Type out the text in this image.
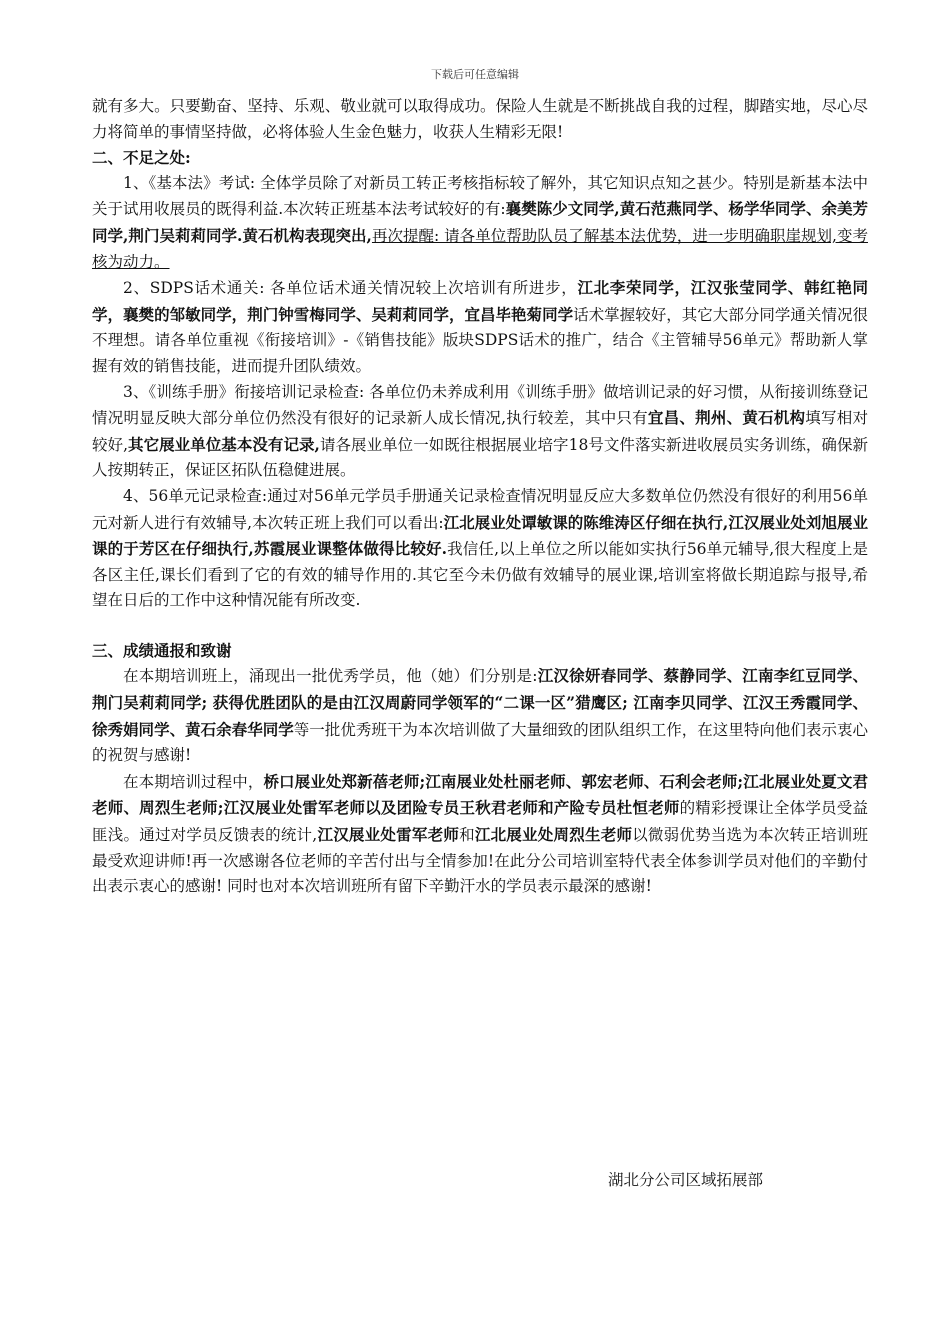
下载后可任意编辑

就有多大。只要勤奋、坚持、乐观、敬业就可以取得成功。保险人生就是不断挑战自我的过程，脚踏实地，尽心尽力将简单的事情坚持做，必将体验人生金色魅力，收获人生精彩无限!

二、不足之处:

1、《基本法》考试: 全体学员除了对新员工转正考核指标较了解外，其它知识点知之甚少。特别是新基本法中关于试用收展员的既得利益.本次转正班基本法考试较好的有:襄樊陈少文同学,黄石范燕同学、杨学华同学、余美芳同学,荆门吴莉莉同学.黄石机构表现突出,再次提醒: 请各单位帮助队员了解基本法优势，进一步明确职崖规划,变考核为动力。

2、SDPS话术通关: 各单位话术通关情况较上次培训有所进步，江北李荣同学，江汉张莹同学、韩红艳同学，襄樊的邹敏同学，荆门钟雪梅同学、吴莉莉同学，宜昌毕艳菊同学话术掌握较好，其它大部分同学通关情况很不理想。请各单位重视《衔接培训》-《销售技能》版块SDPS话术的推广，结合《主管辅导56单元》帮助新人掌握有效的销售技能，进而提升团队绩效。

3、《训练手册》衔接培训记录检查: 各单位仍未养成利用《训练手册》做培训记录的好习惯，从衔接训练登记情况明显反映大部分单位仍然没有很好的记录新人成长情况,执行较差，其中只有宜昌、荆州、黄石机构填写相对较好,其它展业单位基本没有记录,请各展业单位一如既往根据展业培字18号文件落实新进收展员实务训练，确保新人按期转正，保证区拓队伍稳健进展。

4、56单元记录检查:通过对56单元学员手册通关记录检查情况明显反应大多数单位仍然没有很好的利用56单元对新人进行有效辅导,本次转正班上我们可以看出:江北展业处谭敏课的陈维涛区仔细在执行,江汉展业处刘旭展业课的于芳区在仔细执行,苏霞展业课整体做得比较好.我信任,以上单位之所以能如实执行56单元辅导,很大程度上是各区主任,课长们看到了它的有效的辅导作用的.其它至今未仍做有效辅导的展业课,培训室将做长期追踪与报导,希望在日后的工作中这种情况能有所改变.

三、成绩通报和致谢

在本期培训班上，涌现出一批优秀学员，他（她）们分别是:江汉徐妍春同学、蔡静同学、江南李红豆同学、荆门吴莉莉同学; 获得优胜团队的是由江汉周蔚同学领军的“二课一区”猎鹰区; 江南李贝同学、江汉王秀霞同学、徐秀娟同学、黄石余春华同学等一批优秀班干为本次培训做了大量细致的团队组织工作，在这里特向他们表示衷心的祝贺与感谢!

在本期培训过程中，桥口展业处郑新蓓老师;江南展业处杜丽老师、郭宏老师、石利会老师;江北展业处夏文君老师、周烈生老师;江汉展业处雷军老师以及团险专员王秋君老师和产险专员杜恒老师的精彩授课让全体学员受益匪浅。通过对学员反馈表的统计,江汉展业处雷军老师和江北展业处周烈生老师以微弱优势当选为本次转正培训班最受欢迎讲师!再一次感谢各位老师的辛苦付出与全情参加!在此分公司培训室特代表全体参训学员对他们的辛勤付出表示衷心的感谢! 同时也对本次培训班所有留下辛勤汗水的学员表示最深的感谢!

湖北分公司区域拓展部
